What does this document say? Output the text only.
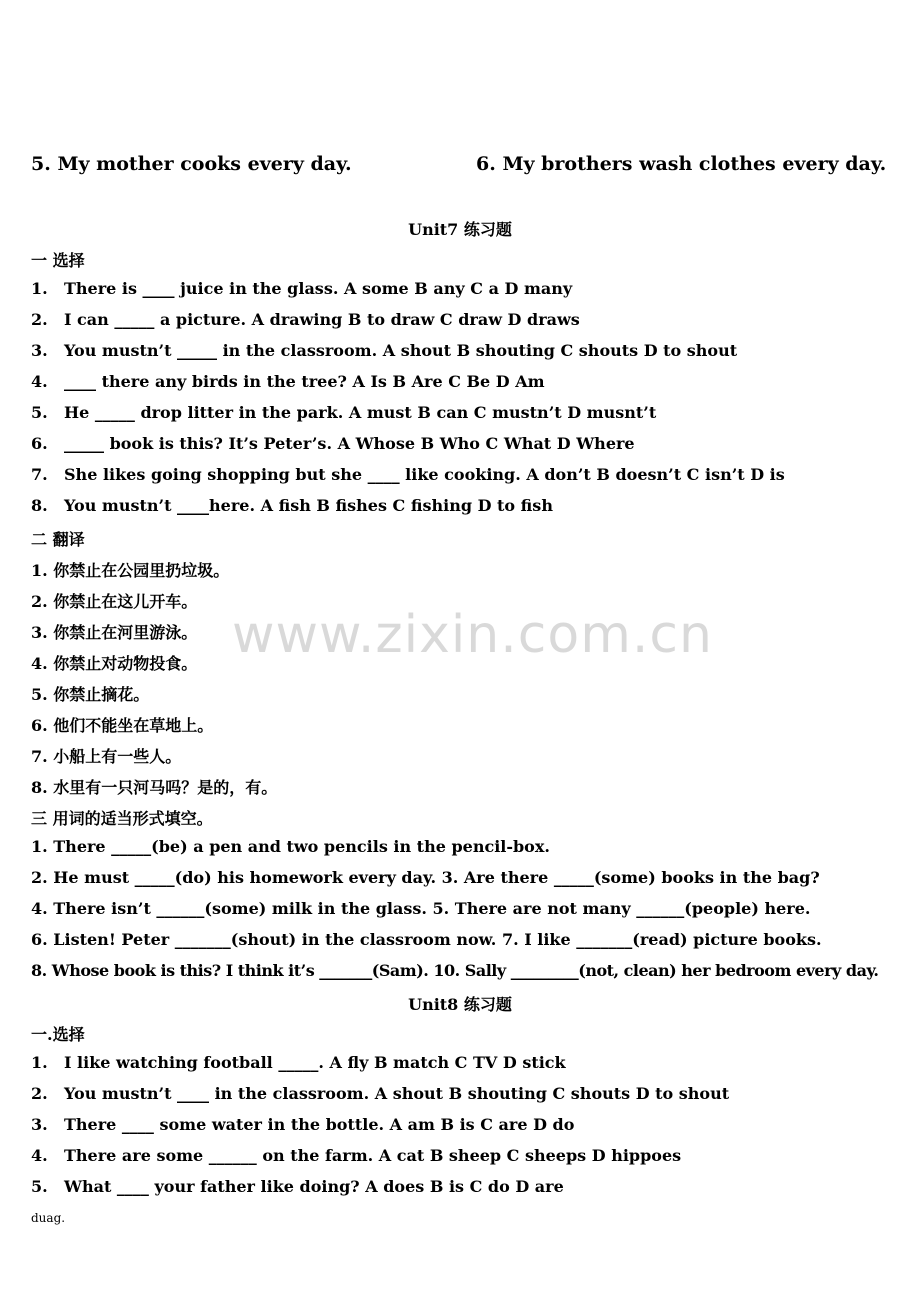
5. My mother cooks every day.	6. My brothers wash clothes every day.
Unit7 练习题
一 选择
1. There is ____ juice in the glass. A some B any C a D many
2. I can _____ a picture. A drawing B to draw C draw D draws
3. You mustn’t _____ in the classroom. A shout B shouting C shouts D to shout
4. ____ there any birds in the tree? A Is B Are C Be D Am
5. He _____ drop litter in the park. A must B can C mustn’t D musnt’t
6. _____ book is this? It’s Peter’s. A Whose B Who C What D Where
7. She likes going shopping but she ____ like cooking. A don’t B doesn’t C isn’t D is
8. You mustn’t ____here. A fish B fishes C fishing D to fish
二 翻译
1. 你禁止在公园里扔垃圾。
2. 你禁止在这儿开车。
3. 你禁止在河里游泳。
4. 你禁止对动物投食。
5. 你禁止摘花。
6. 他们不能坐在草地上。
7. 小船上有一些人。
8. 水里有一只河马吗？是的，有。
三 用词的适当形式填空。
1. There _____(be) a pen and two pencils in the pencil-box.
2. He must _____(do) his homework every day. 3. Are there _____(some) books in the bag?
4. There isn’t ______(some) milk in the glass. 5. There are not many ______(people) here.
6. Listen! Peter _______(shout) in the classroom now. 7. I like _______(read) picture books.
8. Whose book is this? I think it’s _______(Sam). 10. Sally _________(not, clean) her bedroom every day.
Unit8 练习题
一.选择
1. I like watching football _____. A fly B match C TV D stick
2. You mustn’t ____ in the classroom. A shout B shouting C shouts D to shout
3. There ____ some water in the bottle. A am B is C are D do
4. There are some ______ on the farm. A cat B sheep C sheeps D hippoes
5. What ____ your father like doing? A does B is C do D are
www.zixin.com.cn
duag.
